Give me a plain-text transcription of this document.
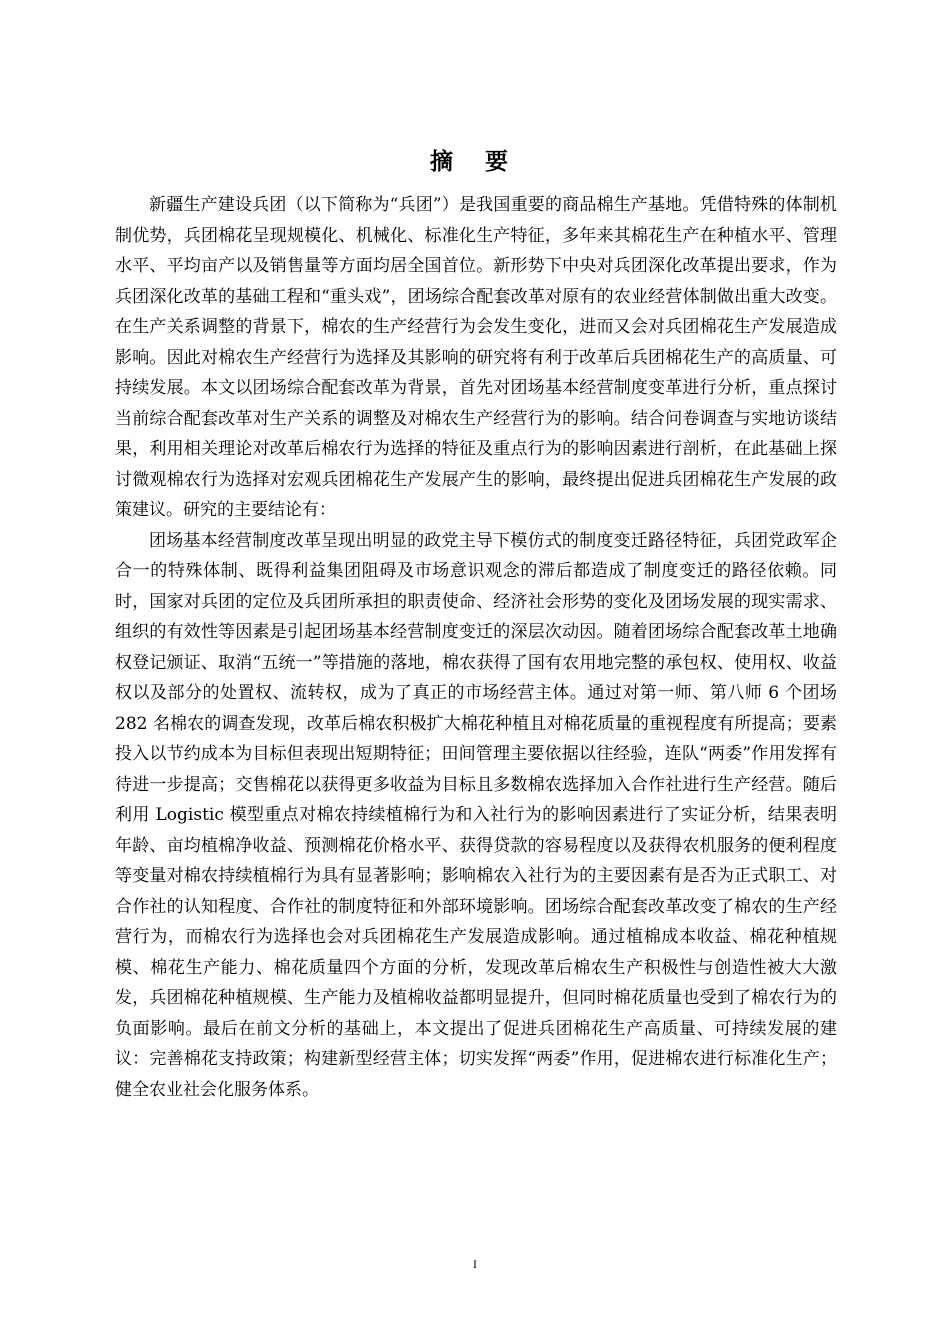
摘 要

新疆生产建设兵团（以下简称为“兵团”）是我国重要的商品棉生产基地。凭借特殊的体制机制优势，兵团棉花呈现规模化、机械化、标准化生产特征，多年来其棉花生产在种植水平、管理水平、平均亩产以及销售量等方面均居全国首位。新形势下中央对兵团深化改革提出要求，作为兵团深化改革的基础工程和“重头戏”，团场综合配套改革对原有的农业经营体制做出重大改变。在生产关系调整的背景下，棉农的生产经营行为会发生变化，进而又会对兵团棉花生产发展造成影响。因此对棉农生产经营行为选择及其影响的研究将有利于改革后兵团棉花生产的高质量、可持续发展。本文以团场综合配套改革为背景，首先对团场基本经营制度变革进行分析，重点探讨当前综合配套改革对生产关系的调整及对棉农生产经营行为的影响。结合问卷调查与实地访谈结果，利用相关理论对改革后棉农行为选择的特征及重点行为的影响因素进行剖析，在此基础上探讨微观棉农行为选择对宏观兵团棉花生产发展产生的影响，最终提出促进兵团棉花生产发展的政策建议。研究的主要结论有：

团场基本经营制度改革呈现出明显的政党主导下模仿式的制度变迁路径特征，兵团党政军企合一的特殊体制、既得利益集团阻碍及市场意识观念的滞后都造成了制度变迁的路径依赖。同时，国家对兵团的定位及兵团所承担的职责使命、经济社会形势的变化及团场发展的现实需求、组织的有效性等因素是引起团场基本经营制度变迁的深层次动因。随着团场综合配套改革土地确权登记颁证、取消“五统一”等措施的落地，棉农获得了国有农用地完整的承包权、使用权、收益权以及部分的处置权、流转权，成为了真正的市场经营主体。通过对第一师、第八师 6 个团场 282 名棉农的调查发现，改革后棉农积极扩大棉花种植且对棉花质量的重视程度有所提高；要素投入以节约成本为目标但表现出短期特征；田间管理主要依据以往经验，连队“两委”作用发挥有待进一步提高；交售棉花以获得更多收益为目标且多数棉农选择加入合作社进行生产经营。随后利用 Logistic 模型重点对棉农持续植棉行为和入社行为的影响因素进行了实证分析，结果表明年龄、亩均植棉净收益、预测棉花价格水平、获得贷款的容易程度以及获得农机服务的便利程度等变量对棉农持续植棉行为具有显著影响；影响棉农入社行为的主要因素有是否为正式职工、对合作社的认知程度、合作社的制度特征和外部环境影响。团场综合配套改革改变了棉农的生产经营行为，而棉农行为选择也会对兵团棉花生产发展造成影响。通过植棉成本收益、棉花种植规模、棉花生产能力、棉花质量四个方面的分析，发现改革后棉农生产积极性与创造性被大大激发，兵团棉花种植规模、生产能力及植棉收益都明显提升，但同时棉花质量也受到了棉农行为的负面影响。最后在前文分析的基础上，本文提出了促进兵团棉花生产高质量、可持续发展的建议：完善棉花支持政策；构建新型经营主体；切实发挥“两委”作用，促进棉农进行标准化生产；健全农业社会化服务体系。

I
